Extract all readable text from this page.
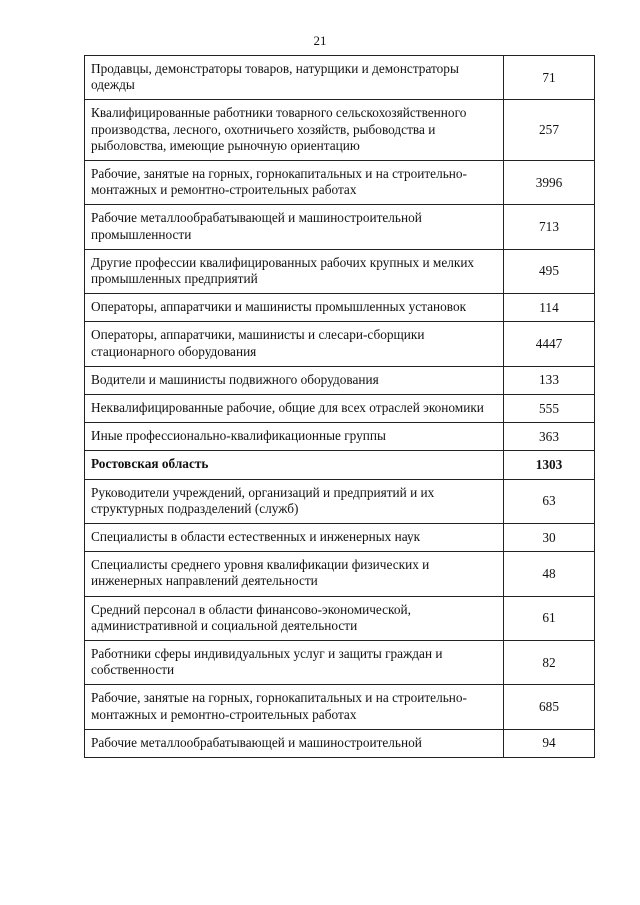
21
Продавцы, демонстраторы товаров, натурщики и демонстраторы одежды	71
Квалифицированные работники товарного сельскохозяйственного производства, лесного, охотничьего хозяйств, рыбоводства и рыболовства, имеющие рыночную ориентацию	257
Рабочие, занятые на горных, горнокапитальных и на строительно-монтажных и ремонтно-строительных работах	3996
Рабочие металлообрабатывающей и машиностроительной промышленности	713
Другие профессии квалифицированных рабочих крупных и мелких промышленных предприятий	495
Операторы, аппаратчики и машинисты промышленных установок	114
Операторы, аппаратчики, машинисты и слесари-сборщики стационарного оборудования	4447
Водители и машинисты подвижного оборудования	133
Неквалифицированные рабочие, общие для всех отраслей экономики	555
Иные профессионально-квалификационные группы	363
Ростовская область	1303
Руководители учреждений, организаций и предприятий и их структурных подразделений (служб)	63
Специалисты в области естественных и инженерных наук	30
Специалисты среднего уровня квалификации физических и инженерных направлений деятельности	48
Средний персонал в области финансово-экономической, административной и социальной деятельности	61
Работники сферы индивидуальных услуг и защиты граждан и собственности	82
Рабочие, занятые на горных, горнокапитальных и на строительно-монтажных и ремонтно-строительных работах	685
Рабочие металлообрабатывающей и машиностроительной	94
